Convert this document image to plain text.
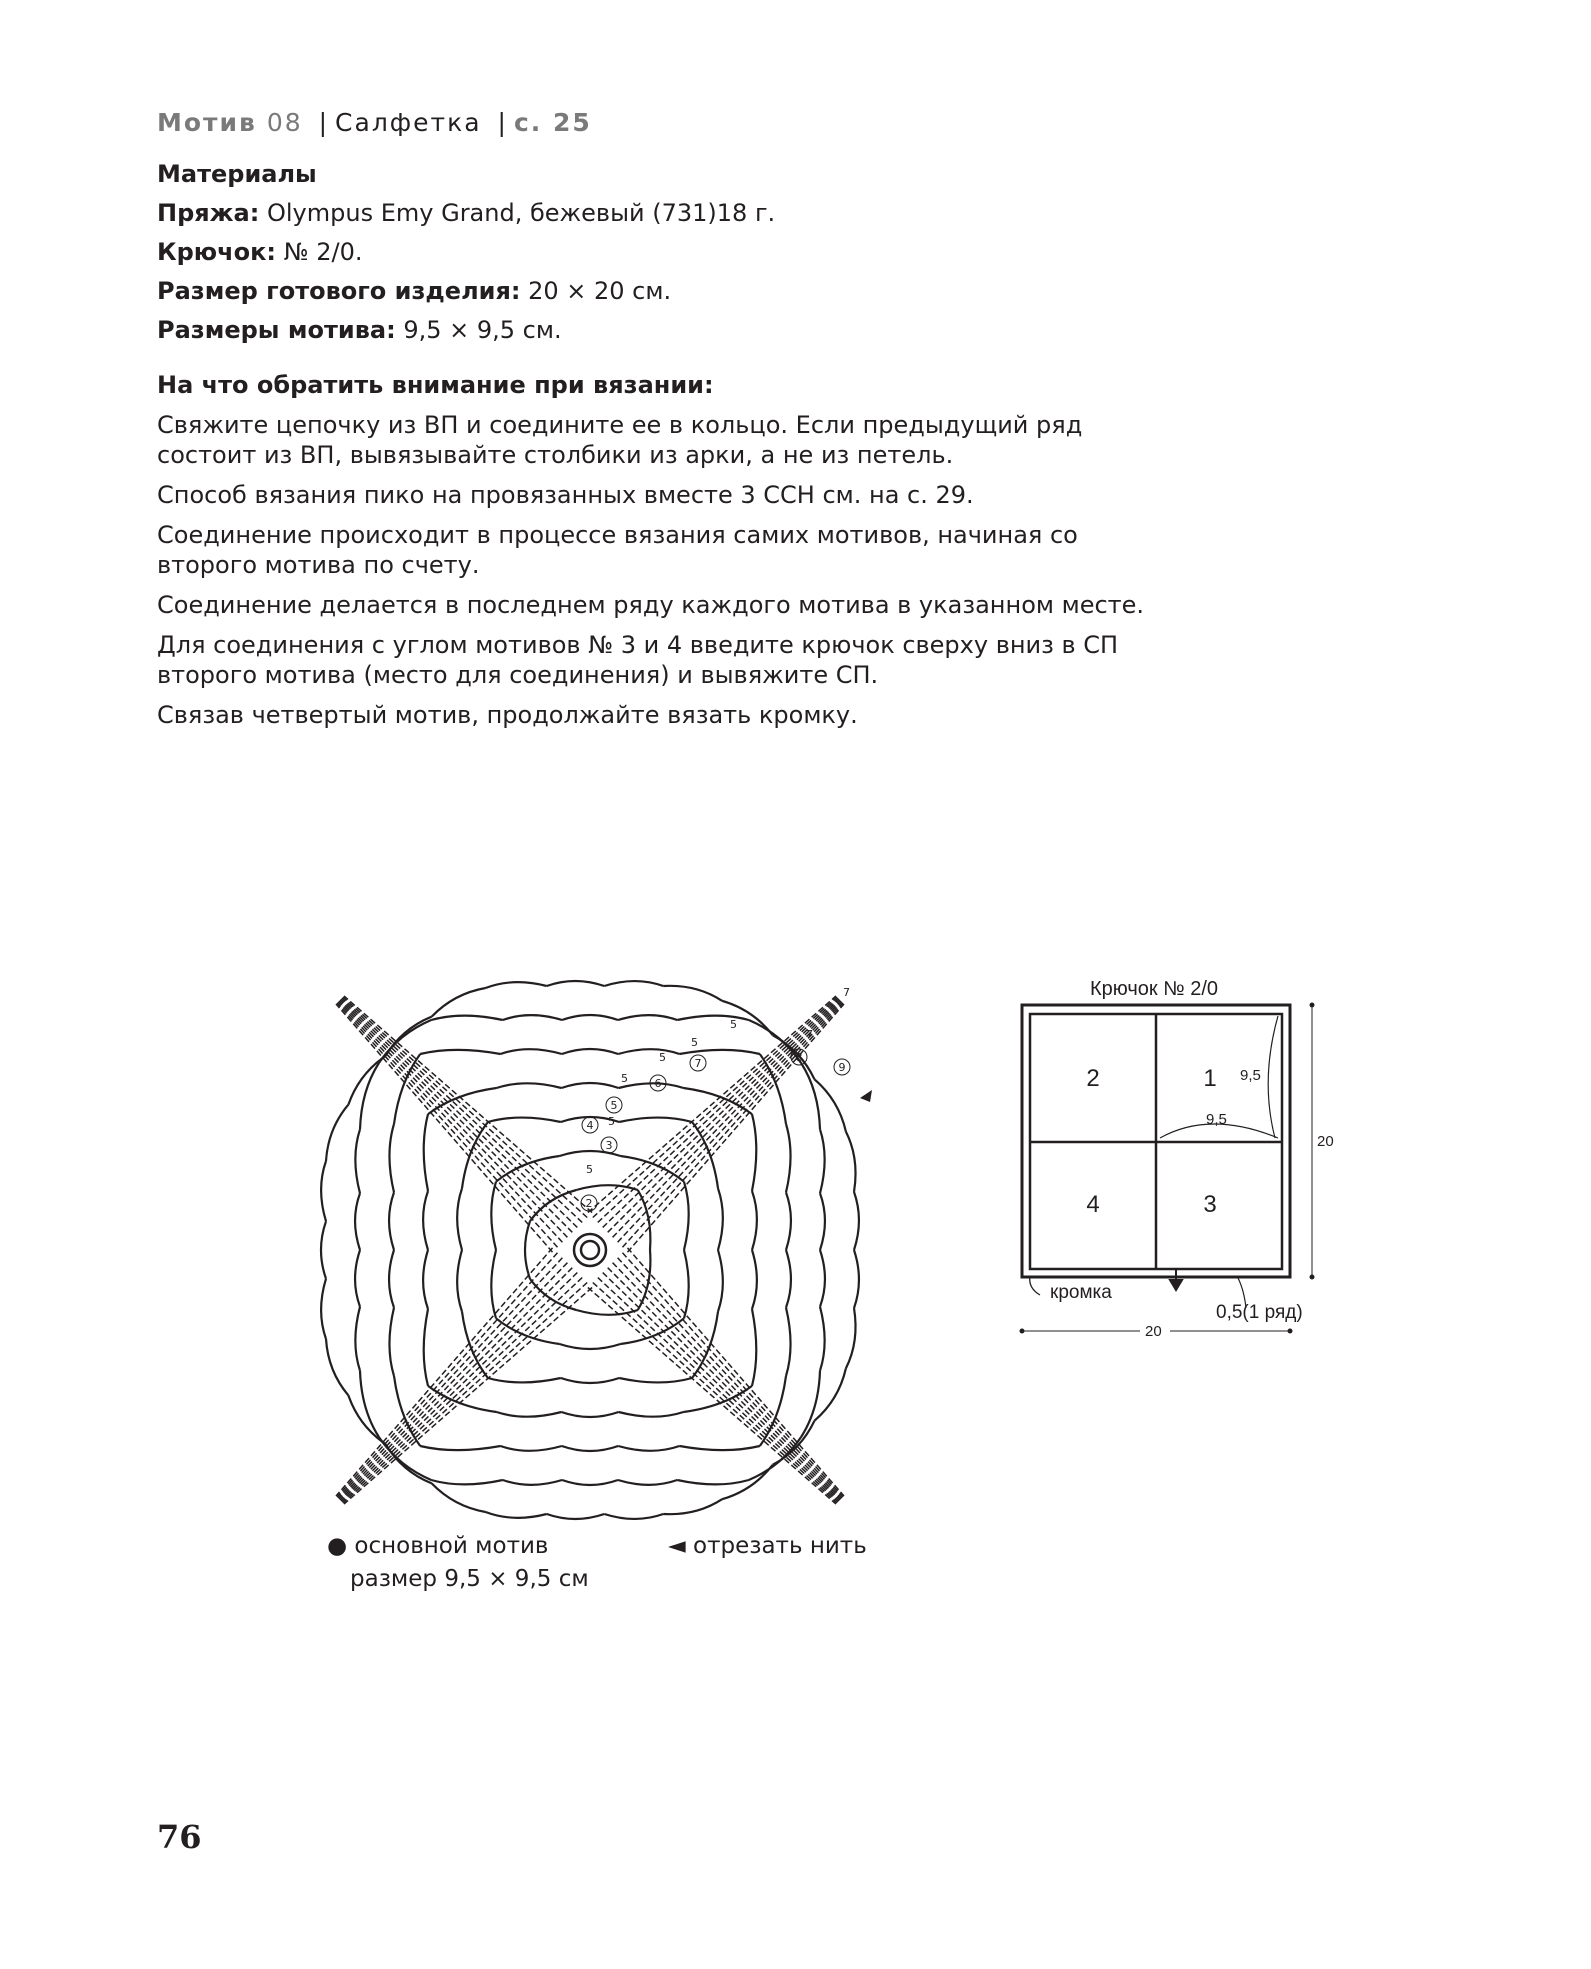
Мотив 08 | Салфетка | с. 25
Материалы
Пряжа: Olympus Emy Grand, бежевый (731)18 г.
Крючок: № 2/0.
Размер готового изделия: 20 × 20 см.
Размеры мотива: 9,5 × 9,5 см.
На что обратить внимание при вязании:

Свяжите цепочку из ВП и соедините ее в кольцо. Если предыдущий ряд состоит из ВП, вывязывайте столбики из арки, а не из петель.

Способ вязания пико на провязанных вместе 3 ССН см. на с. 29.

Соединение происходит в процессе вязания самих мотивов, начиная со второго мотива по счету.

Соединение делается в последнем ряду каждого мотива в указанном месте.

Для соединения с углом мотивов № 3 и 4 введите крючок сверху вниз в СП второго мотива (место для соединения) и вывяжите СП.

Связав четвертый мотив, продолжайте вязать кромку.

2
3
4
5
6
7	8
9
5
5
5
5
5
5
7
7
● основной мотив
размер 9,5 × 9,5 см
◄ отрезать нить
Крючок № 2/0
2	1
4	3
9,5
9,5
20
20
кромка
0,5(1 ряд)
76
